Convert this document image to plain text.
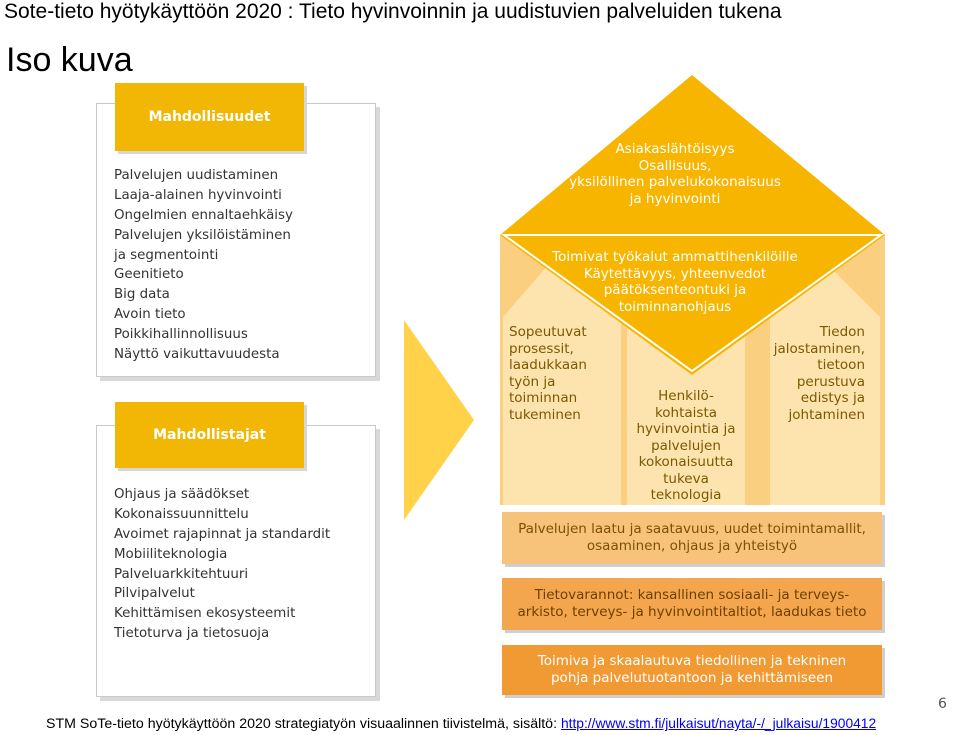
Sote-tieto hyötykäyttöön 2020 : Tieto hyvinvoinnin ja uudistuvien palveluiden tukena
Iso kuva
Mahdollisuudet
Palvelujen uudistaminen
Laaja-alainen hyvinvointi
Ongelmien ennaltaehkäisy
Palvelujen yksilöistäminen
ja segmentointi
Geenitieto
Big data
Avoin tieto
Poikkihallinnollisuus
Näyttö vaikuttavuudesta
Mahdollistajat
Ohjaus ja säädökset
Kokonaissuunnittelu
Avoimet rajapinnat ja standardit
Mobiiliteknologia
Palveluarkkitehtuuri
Pilvipalvelut
Kehittämisen ekosysteemit
Tietoturva ja tietosuoja
Asiakaslähtöisyys
Osallisuus,
yksilöllinen palvelukokonaisuus
ja hyvinvointi
Toimivat työkalut ammattihenkilöille
Käytettävyys, yhteenvedot
päätöksenteontuki ja
toiminnanohjaus
Sopeutuvat
prosessit,
laadukkaan
työn ja
toiminnan
tukeminen
Henkilö-
kohtaista
hyvinvointia ja
palvelujen
kokonaisuutta
tukeva
teknologia
Tiedon
jalostaminen,
tietoon
perustuva
edistys ja
johtaminen
Palvelujen laatu ja saatavuus, uudet toimintamallit,
osaaminen, ohjaus ja yhteistyö
Tietovarannot: kansallinen sosiaali- ja terveys-
arkisto, terveys- ja hyvinvointitaltiot, laadukas tieto
Toimiva ja skaalautuva tiedollinen ja tekninen
pohja palvelutuotantoon ja kehittämiseen
6
STM SoTe-tieto hyötykäyttöön 2020 strategiatyön visuaalinnen tiivistelmä, sisältö: http://www.stm.fi/julkaisut/nayta/-/_julkaisu/1900412
